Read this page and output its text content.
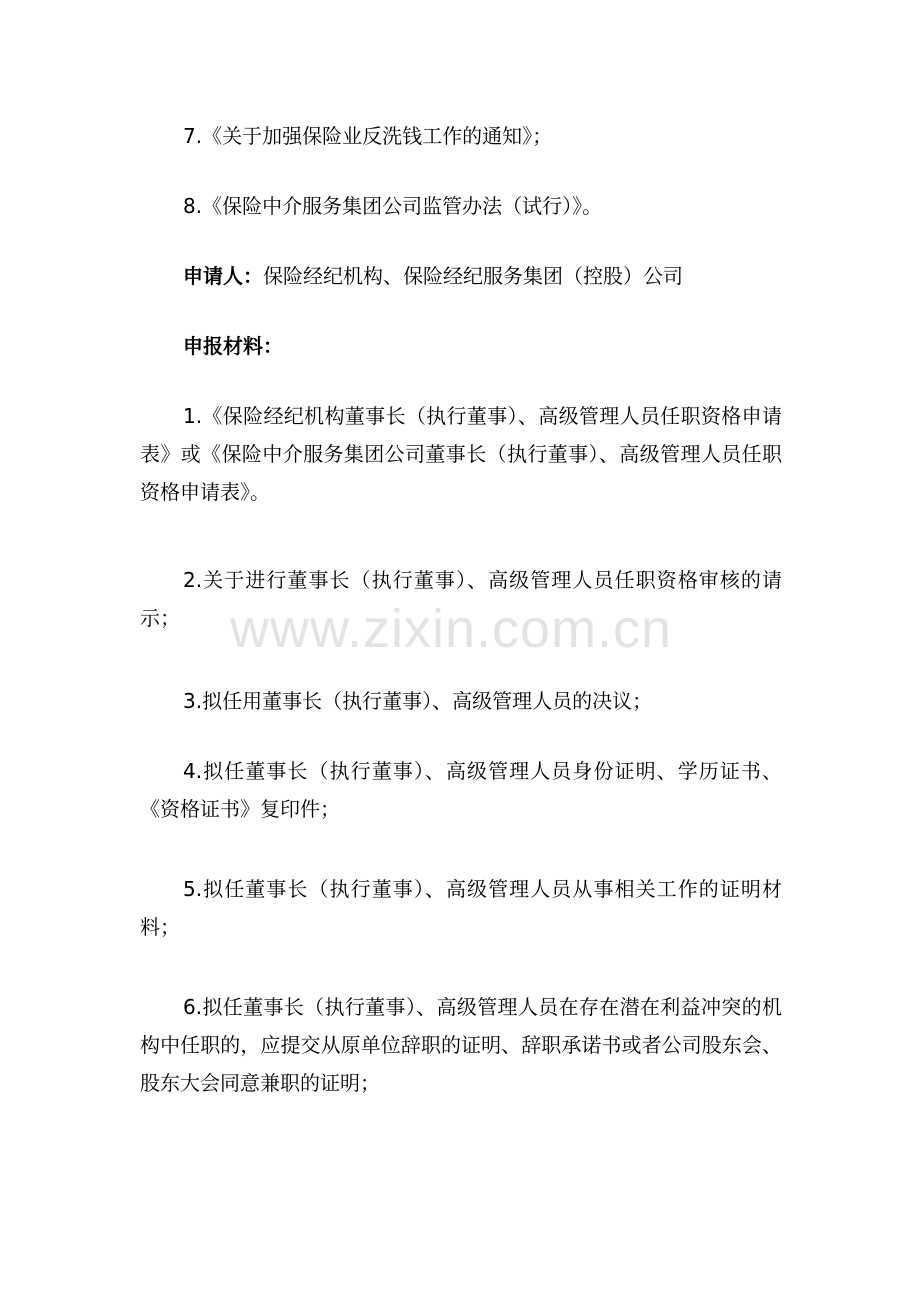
7.《关于加强保险业反洗钱工作的通知》；

8.《保险中介服务集团公司监管办法（试行）》。

申请人：保险经纪机构、保险经纪服务集团（控股）公司

申报材料：

1.《保险经纪机构董事长（执行董事）、高级管理人员任职资格申请表》或《保险中介服务集团公司董事长（执行董事）、高级管理人员任职资格申请表》。

2.关于进行董事长（执行董事）、高级管理人员任职资格审核的请示；

3.拟任用董事长（执行董事）、高级管理人员的决议；

4.拟任董事长（执行董事）、高级管理人员身份证明、学历证书、《资格证书》复印件；

5.拟任董事长（执行董事）、高级管理人员从事相关工作的证明材料；

6.拟任董事长（执行董事）、高级管理人员在存在潜在利益冲突的机构中任职的，应提交从原单位辞职的证明、辞职承诺书或者公司股东会、股东大会同意兼职的证明；

www.zixin.com.cn
